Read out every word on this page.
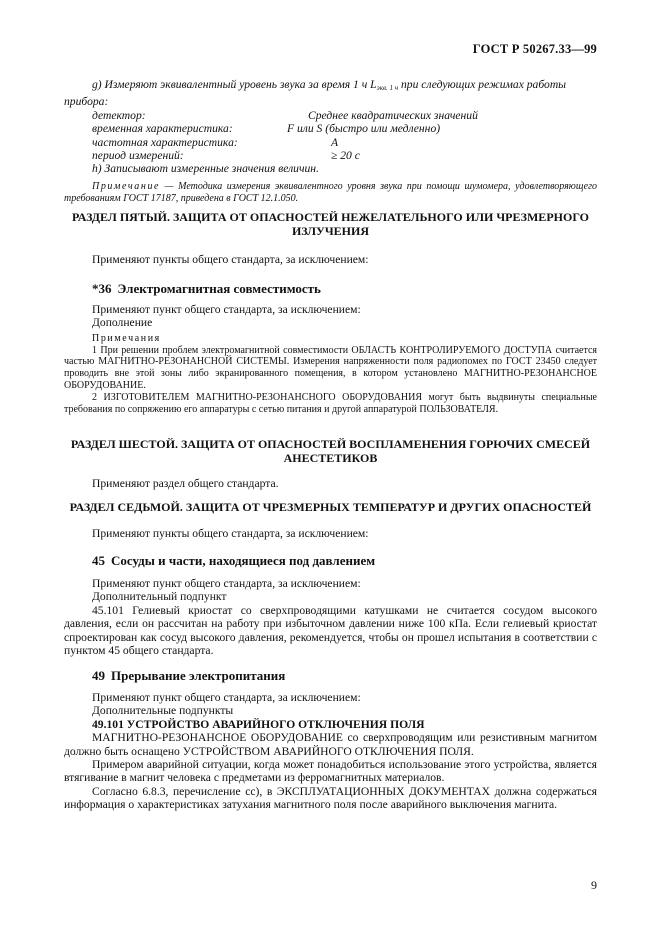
ГОСТ Р 50267.33—99

g) Измеряют эквивалентный уровень звука за время 1 ч $L_{экв. 1 ч}$ при следующих режимах работы прибора:

детектор:	Среднее квадратических значений
временная характеристика:	F или S (быстро или медленно)
частотная характеристика:	А
период измерений:	≥ 20 с

h) Записывают измеренные значения величин.

Примечание — Методика измерения эквивалентного уровня звука при помощи шумомера, удовлетворяющего требованиям ГОСТ 17187, приведена в ГОСТ 12.1.050.

РАЗДЕЛ ПЯТЫЙ. ЗАЩИТА ОТ ОПАСНОСТЕЙ НЕЖЕЛАТЕЛЬНОГО ИЛИ ЧРЕЗМЕРНОГО ИЗЛУЧЕНИЯ

Применяют пункты общего стандарта, за исключением:

*36 Электромагнитная совместимость

Применяют пункт общего стандарта, за исключением:

Дополнение

Примечания

1 При решении проблем электромагнитной совместимости ОБЛАСТЬ КОНТРОЛИРУЕМОГО ДОСТУПА считается частью МАГНИТНО-РЕЗОНАНСНОЙ СИСТЕМЫ. Измерения напряженности поля радиопомех по ГОСТ 23450 следует проводить вне этой зоны либо экранированного помещения, в котором установлено МАГНИТНО-РЕЗОНАНСНОЕ ОБОРУДОВАНИЕ.

2 ИЗГОТОВИТЕЛЕМ МАГНИТНО-РЕЗОНАНСНОГО ОБОРУДОВАНИЯ могут быть выдвинуты специальные требования по сопряжению его аппаратуры с сетью питания и другой аппаратурой ПОЛЬЗОВАТЕЛЯ.

РАЗДЕЛ ШЕСТОЙ. ЗАЩИТА ОТ ОПАСНОСТЕЙ ВОСПЛАМЕНЕНИЯ ГОРЮЧИХ СМЕСЕЙ АНЕСТЕТИКОВ

Применяют раздел общего стандарта.

РАЗДЕЛ СЕДЬМОЙ. ЗАЩИТА ОТ ЧРЕЗМЕРНЫХ ТЕМПЕРАТУР И ДРУГИХ ОПАСНОСТЕЙ

Применяют пункты общего стандарта, за исключением:

45 Сосуды и части, находящиеся под давлением

Применяют пункт общего стандарта, за исключением:

Дополнительный подпункт

45.101 Гелиевый криостат со сверхпроводящими катушками не считается сосудом высокого давления, если он рассчитан на работу при избыточном давлении ниже 100 кПа. Если гелиевый криостат спроектирован как сосуд высокого давления, рекомендуется, чтобы он прошел испытания в соответствии с пунктом 45 общего стандарта.

49 Прерывание электропитания

Применяют пункт общего стандарта, за исключением:

Дополнительные подпункты

49.101 УСТРОЙСТВО АВАРИЙНОГО ОТКЛЮЧЕНИЯ ПОЛЯ

МАГНИТНО-РЕЗОНАНСНОЕ ОБОРУДОВАНИЕ со сверхпроводящим или резистивным магнитом должно быть оснащено УСТРОЙСТВОМ АВАРИЙНОГО ОТКЛЮЧЕНИЯ ПОЛЯ.

Примером аварийной ситуации, когда может понадобиться использование этого устройства, является втягивание в магнит человека с предметами из ферромагнитных материалов.

Согласно 6.8.3, перечисление cc), в ЭКСПЛУАТАЦИОННЫХ ДОКУМЕНТАХ должна содержаться информация о характеристиках затухания магнитного поля после аварийного выключения магнита.

9
